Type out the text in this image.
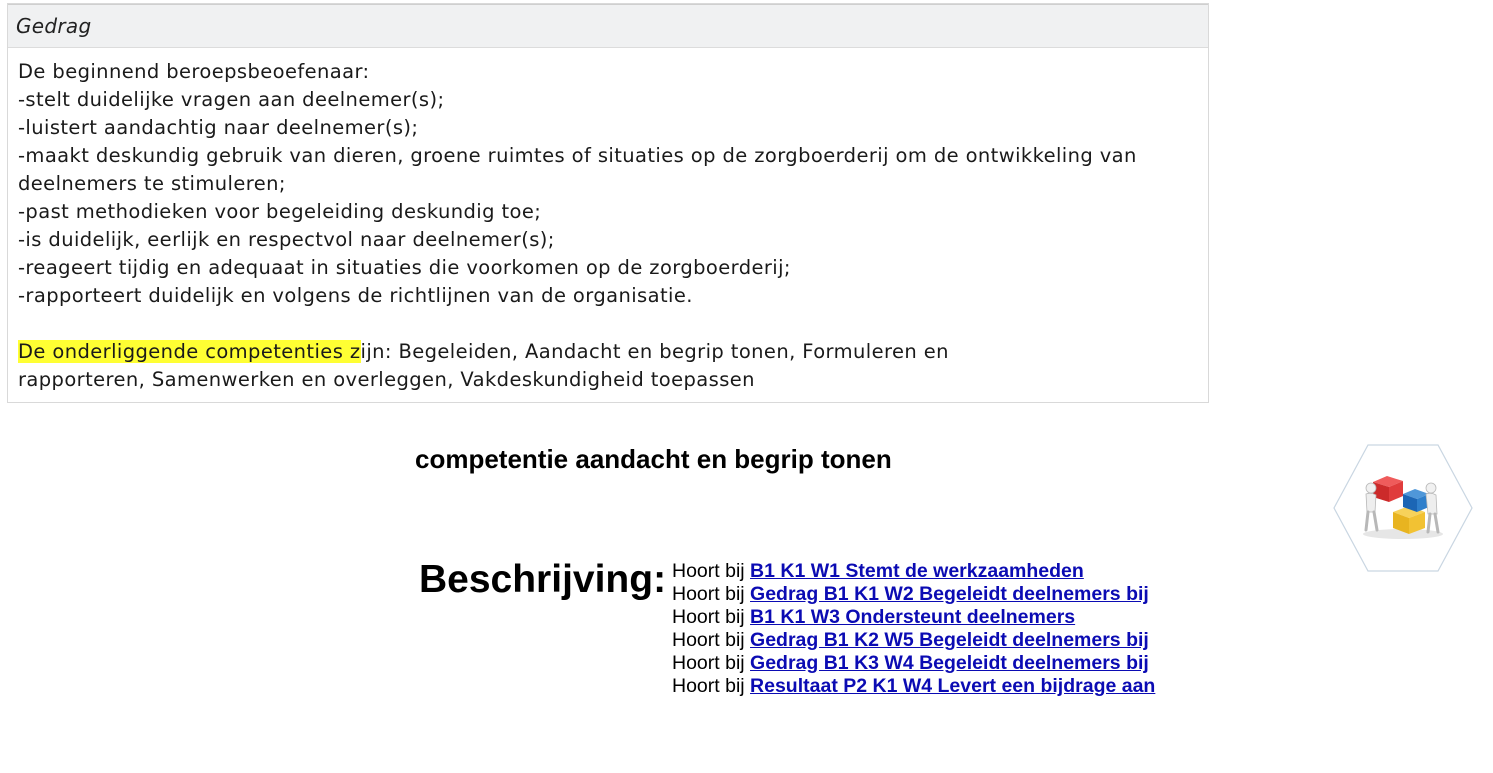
Gedrag
De beginnend beroepsbeoefenaar:
-stelt duidelijke vragen aan deelnemer(s);
-luistert aandachtig naar deelnemer(s);
-maakt deskundig gebruik van dieren, groene ruimtes of situaties op de zorgboerderij om de ontwikkeling van
deelnemers te stimuleren;
-past methodieken voor begeleiding deskundig toe;
-is duidelijk, eerlijk en respectvol naar deelnemer(s);
-reageert tijdig en adequaat in situaties die voorkomen op de zorgboerderij;
-rapporteert duidelijk en volgens de richtlijnen van de organisatie.
De onderliggende competenties zijn: Begeleiden, Aandacht en begrip tonen, Formuleren en
rapporteren, Samenwerken en overleggen, Vakdeskundigheid toepassen
competentie aandacht en begrip tonen
Beschrijving: Hoort bij B1 K1 W1 Stemt de werkzaamheden
Hoort bij Gedrag B1 K1 W2 Begeleidt deelnemers bij
Hoort bij B1 K1 W3 Ondersteunt deelnemers
Hoort bij Gedrag B1 K2 W5 Begeleidt deelnemers bij
Hoort bij Gedrag B1 K3 W4 Begeleidt deelnemers bij
Hoort bij Resultaat P2 K1 W4 Levert een bijdrage aan
